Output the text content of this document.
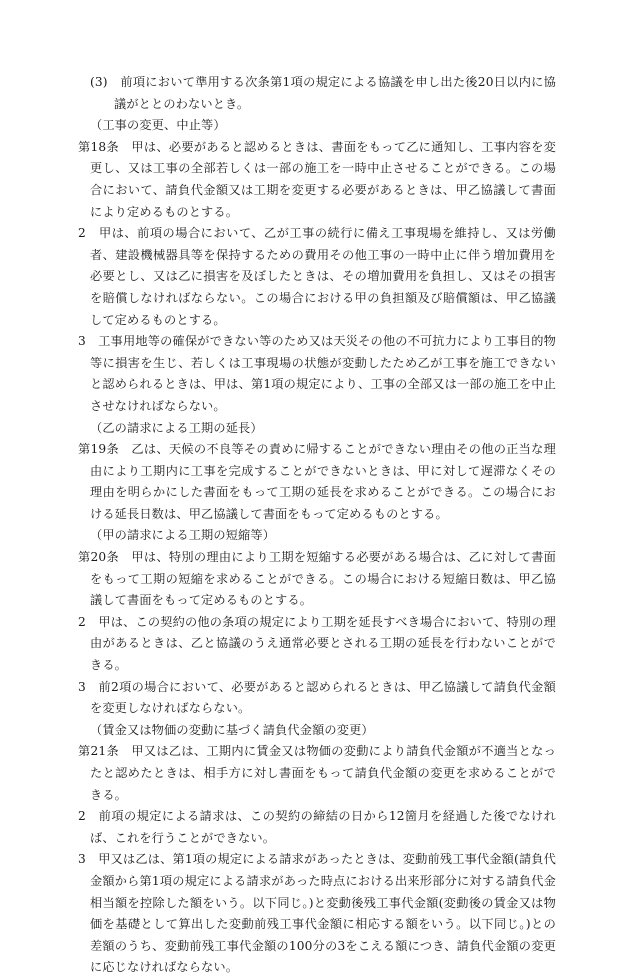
(3)　前項において準用する次条第1項の規定による協議を申し出た後20日以内に協議がととのわないとき。

（工事の変更、中止等）

第18条　甲は、必要があると認めるときは、書面をもって乙に通知し、工事内容を変更し、又は工事の全部若しくは一部の施工を一時中止させることができる。この場合において、請負代金額又は工期を変更する必要があるときは、甲乙協議して書面により定めるものとする。

2　甲は、前項の場合において、乙が工事の続行に備え工事現場を維持し、又は労働者、建設機械器具等を保持するための費用その他工事の一時中止に伴う増加費用を必要とし、又は乙に損害を及ぼしたときは、その増加費用を負担し、又はその損害を賠償しなければならない。この場合における甲の負担額及び賠償額は、甲乙協議して定めるものとする。

3　工事用地等の確保ができない等のため又は天災その他の不可抗力により工事目的物等に損害を生じ、若しくは工事現場の状態が変動したため乙が工事を施工できないと認められるときは、甲は、第1項の規定により、工事の全部又は一部の施工を中止させなければならない。

（乙の請求による工期の延長）

第19条　乙は、天候の不良等その責めに帰することができない理由その他の正当な理由により工期内に工事を完成することができないときは、甲に対して遅滞なくその理由を明らかにした書面をもって工期の延長を求めることができる。この場合における延長日数は、甲乙協議して書面をもって定めるものとする。

（甲の請求による工期の短縮等）

第20条　甲は、特別の理由により工期を短縮する必要がある場合は、乙に対して書面をもって工期の短縮を求めることができる。この場合における短縮日数は、甲乙協議して書面をもって定めるものとする。

2　甲は、この契約の他の条項の規定により工期を延長すべき場合において、特別の理由があるときは、乙と協議のうえ通常必要とされる工期の延長を行わないことができる。

3　前2項の場合において、必要があると認められるときは、甲乙協議して請負代金額を変更しなければならない。

（賃金又は物価の変動に基づく請負代金額の変更）

第21条　甲又は乙は、工期内に賃金又は物価の変動により請負代金額が不適当となったと認めたときは、相手方に対し書面をもって請負代金額の変更を求めることができる。

2　前項の規定による請求は、この契約の締結の日から12箇月を経過した後でなければ、これを行うことができない。

3　甲又は乙は、第1項の規定による請求があったときは、変動前残工事代金額(請負代金額から第1項の規定による請求があった時点における出来形部分に対する請負代金相当額を控除した額をいう。以下同じ。)と変動後残工事代金額(変動後の賃金又は物価を基礎として算出した変動前残工事代金額に相応する額をいう。以下同じ。)との差額のうち、変動前残工事代金額の100分の3をこえる額につき、請負代金額の変更に応じなければならない。
